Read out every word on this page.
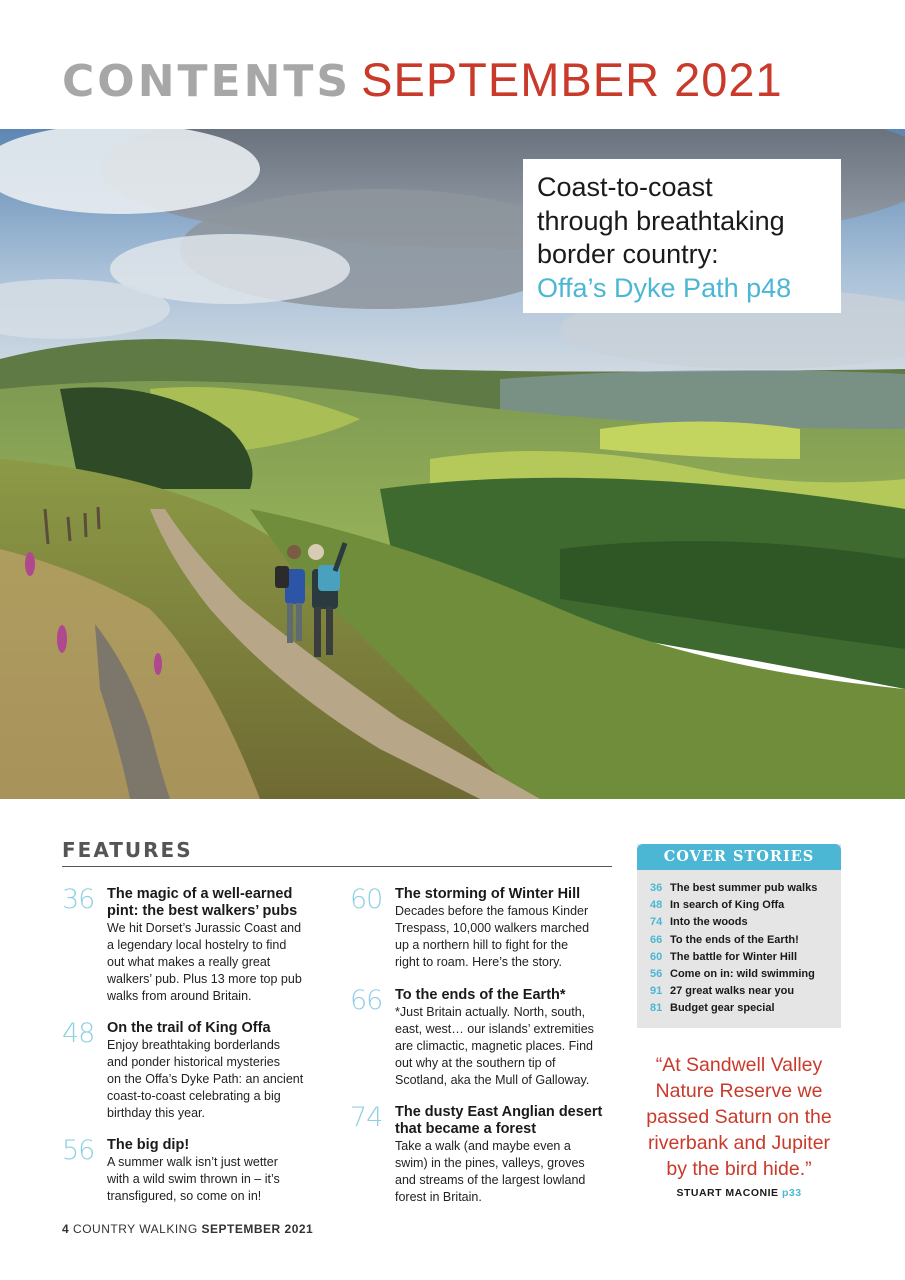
CONTENTS SEPTEMBER 2021
Coast-to-coast
through breathtaking
border country:
Offa’s Dyke Path p48
FEATURES
36 The magic of a well-earned
pint: the best walkers’ pubs
We hit Dorset’s Jurassic Coast and
a legendary local hostelry to find
out what makes a really great
walkers’ pub. Plus 13 more top pub
walks from around Britain.
48 On the trail of King Offa
Enjoy breathtaking borderlands
and ponder historical mysteries
on the Offa’s Dyke Path: an ancient
coast-to-coast celebrating a big
birthday this year.
56 The big dip!
A summer walk isn’t just wetter
with a wild swim thrown in – it’s
transfigured, so come on in!
60 The storming of Winter Hill
Decades before the famous Kinder
Trespass, 10,000 walkers marched
up a northern hill to fight for the
right to roam. Here’s the story.
66 To the ends of the Earth*
*Just Britain actually. North, south,
east, west… our islands’ extremities
are climactic, magnetic places. Find
out why at the southern tip of
Scotland, aka the Mull of Galloway.
74 The dusty East Anglian desert
that became a forest
Take a walk (and maybe even a
swim) in the pines, valleys, groves
and streams of the largest lowland
forest in Britain.
COVER STORIES
36 The best summer pub walks
48 In search of King Offa
74 Into the woods
66 To the ends of the Earth!
60 The battle for Winter Hill
56 Come on in: wild swimming
91 27 great walks near you
81 Budget gear special
“At Sandwell Valley
Nature Reserve we
passed Saturn on the
riverbank and Jupiter
by the bird hide.”
STUART MACONIE p33
4 COUNTRY WALKING SEPTEMBER 2021
